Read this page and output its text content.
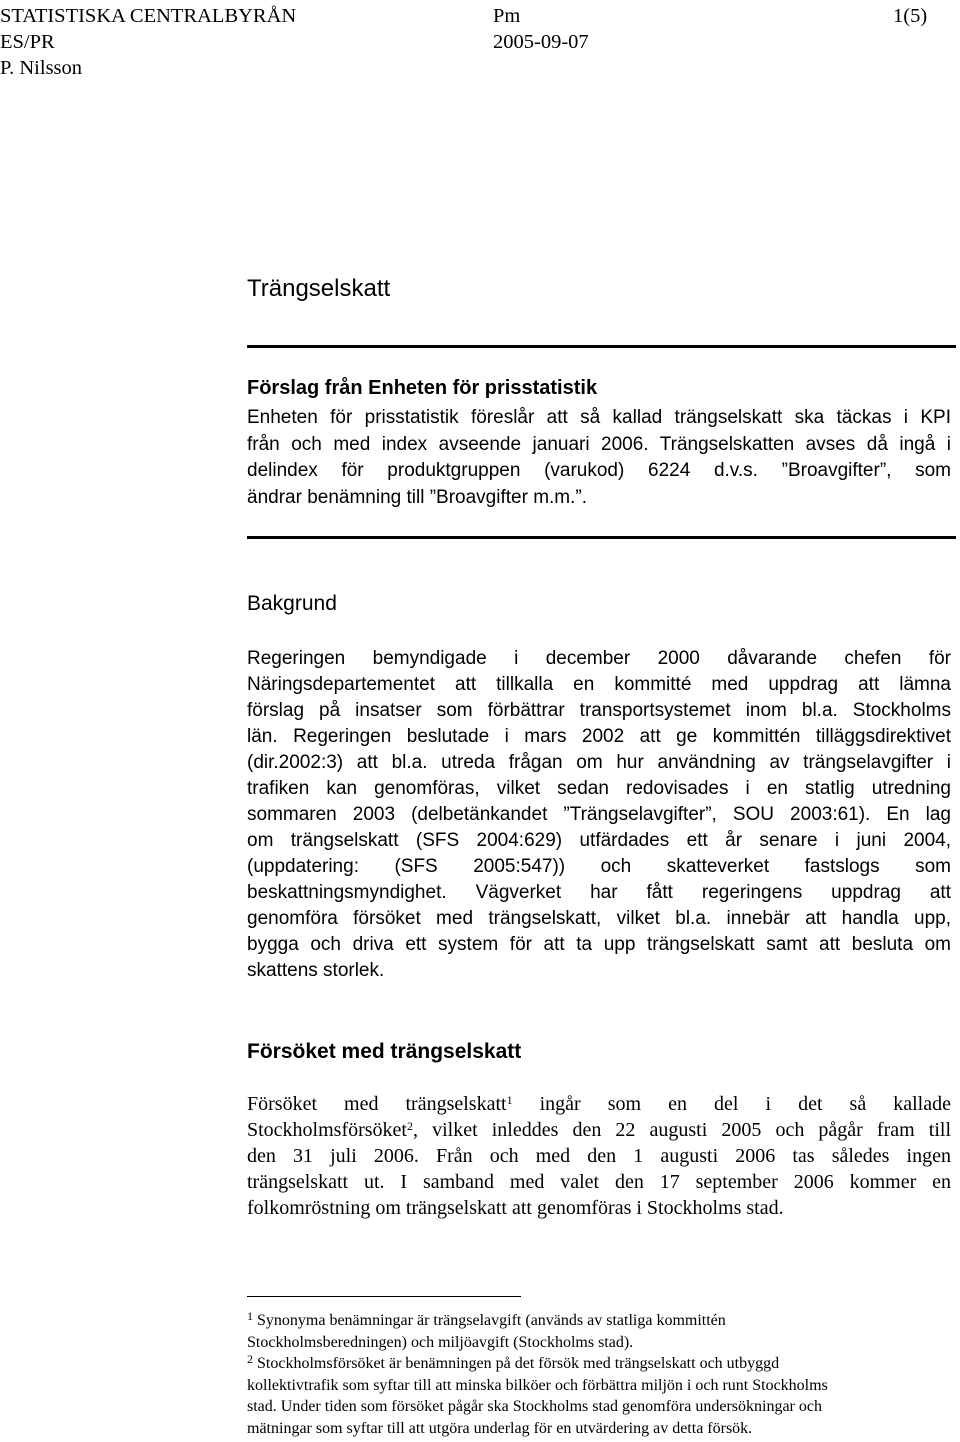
STATISTISKA CENTRALBYRÅN	Pm	1(5)
ES/PR	2005-09-07
P. Nilsson
Trängselskatt
Förslag från Enheten för prisstatistik
Enheten för prisstatistik föreslår att så kallad trängselskatt ska täckas i KPI
från och med index avseende januari 2006. Trängselskatten avses då ingå i
delindex för produktgruppen (varukod) 6224 d.v.s. ”Broavgifter”, som
ändrar benämning till ”Broavgifter m.m.”.
Bakgrund
Regeringen bemyndigade i december 2000 dåvarande chefen för
Näringsdepartementet att tillkalla en kommitté med uppdrag att lämna
förslag på insatser som förbättrar transportsystemet inom bl.a. Stockholms
län. Regeringen beslutade i mars 2002 att ge kommittén tilläggsdirektivet
(dir.2002:3) att bl.a. utreda frågan om hur användning av trängselavgifter i
trafiken kan genomföras, vilket sedan redovisades i en statlig utredning
sommaren 2003 (delbetänkandet ”Trängselavgifter”, SOU 2003:61). En lag
om trängselskatt (SFS 2004:629) utfärdades ett år senare i juni 2004,
(uppdatering: (SFS 2005:547)) och skatteverket fastslogs som
beskattningsmyndighet. Vägverket har fått regeringens uppdrag att
genomföra försöket med trängselskatt, vilket bl.a. innebär att handla upp,
bygga och driva ett system för att ta upp trängselskatt samt att besluta om
skattens storlek.
Försöket med trängselskatt
Försöket med trängselskatt$^1$ ingår som en del i det så kallade
Stockholmsförsöket$^2$, vilket inleddes den 22 augusti 2005 och pågår fram till
den 31 juli 2006. Från och med den 1 augusti 2006 tas således ingen
trängselskatt ut. I samband med valet den 17 september 2006 kommer en
folkomröstning om trängselskatt att genomföras i Stockholms stad.
$^1$ Synonyma benämningar är trängselavgift (används av statliga kommittén
Stockholmsberedningen) och miljöavgift (Stockholms stad).
$^2$ Stockholmsförsöket är benämningen på det försök med trängselskatt och utbyggd
kollektivtrafik som syftar till att minska bilköer och förbättra miljön i och runt Stockholms
stad. Under tiden som försöket pågår ska Stockholms stad genomföra undersökningar och
mätningar som syftar till att utgöra underlag för en utvärdering av detta försök.
